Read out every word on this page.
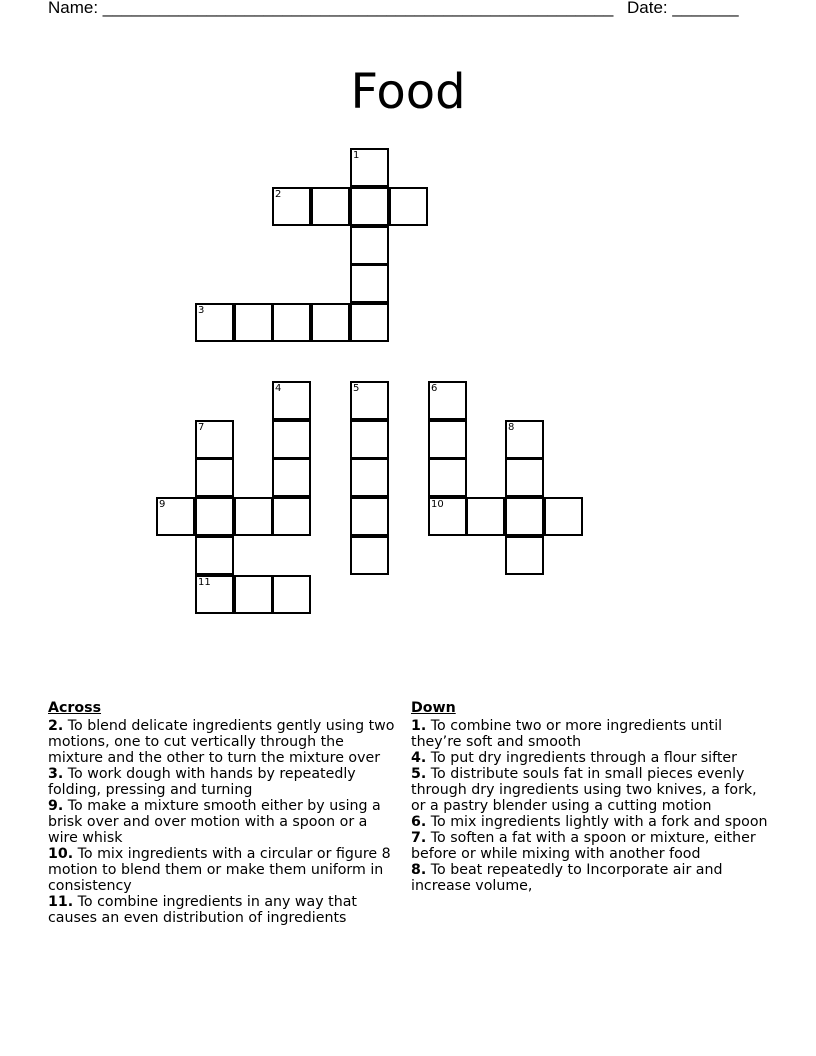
Name: ______________________________________________________ Date: _______
Food
1
2
3
4	5	6
7	8
9	10
11
Across

2. To blend delicate ingredients gently using two motions, one to cut vertically through the mixture and the other to turn the mixture over

3. To work dough with hands by repeatedly folding, pressing and turning

9. To make a mixture smooth either by using a brisk over and over motion with a spoon or a wire whisk

10. To mix ingredients with a circular or figure 8 motion to blend them or make them uniform in consistency

11. To combine ingredients in any way that causes an even distribution of ingredients

Down

1. To combine two or more ingredients until they’re soft and smooth

4. To put dry ingredients through a flour sifter

5. To distribute souls fat in small pieces evenly through dry ingredients using two knives, a fork, or a pastry blender using a cutting motion

6. To mix ingredients lightly with a fork and spoon

7. To soften a fat with a spoon or mixture, either before or while mixing with another food

8. To beat repeatedly to Incorporate air and increase volume,
